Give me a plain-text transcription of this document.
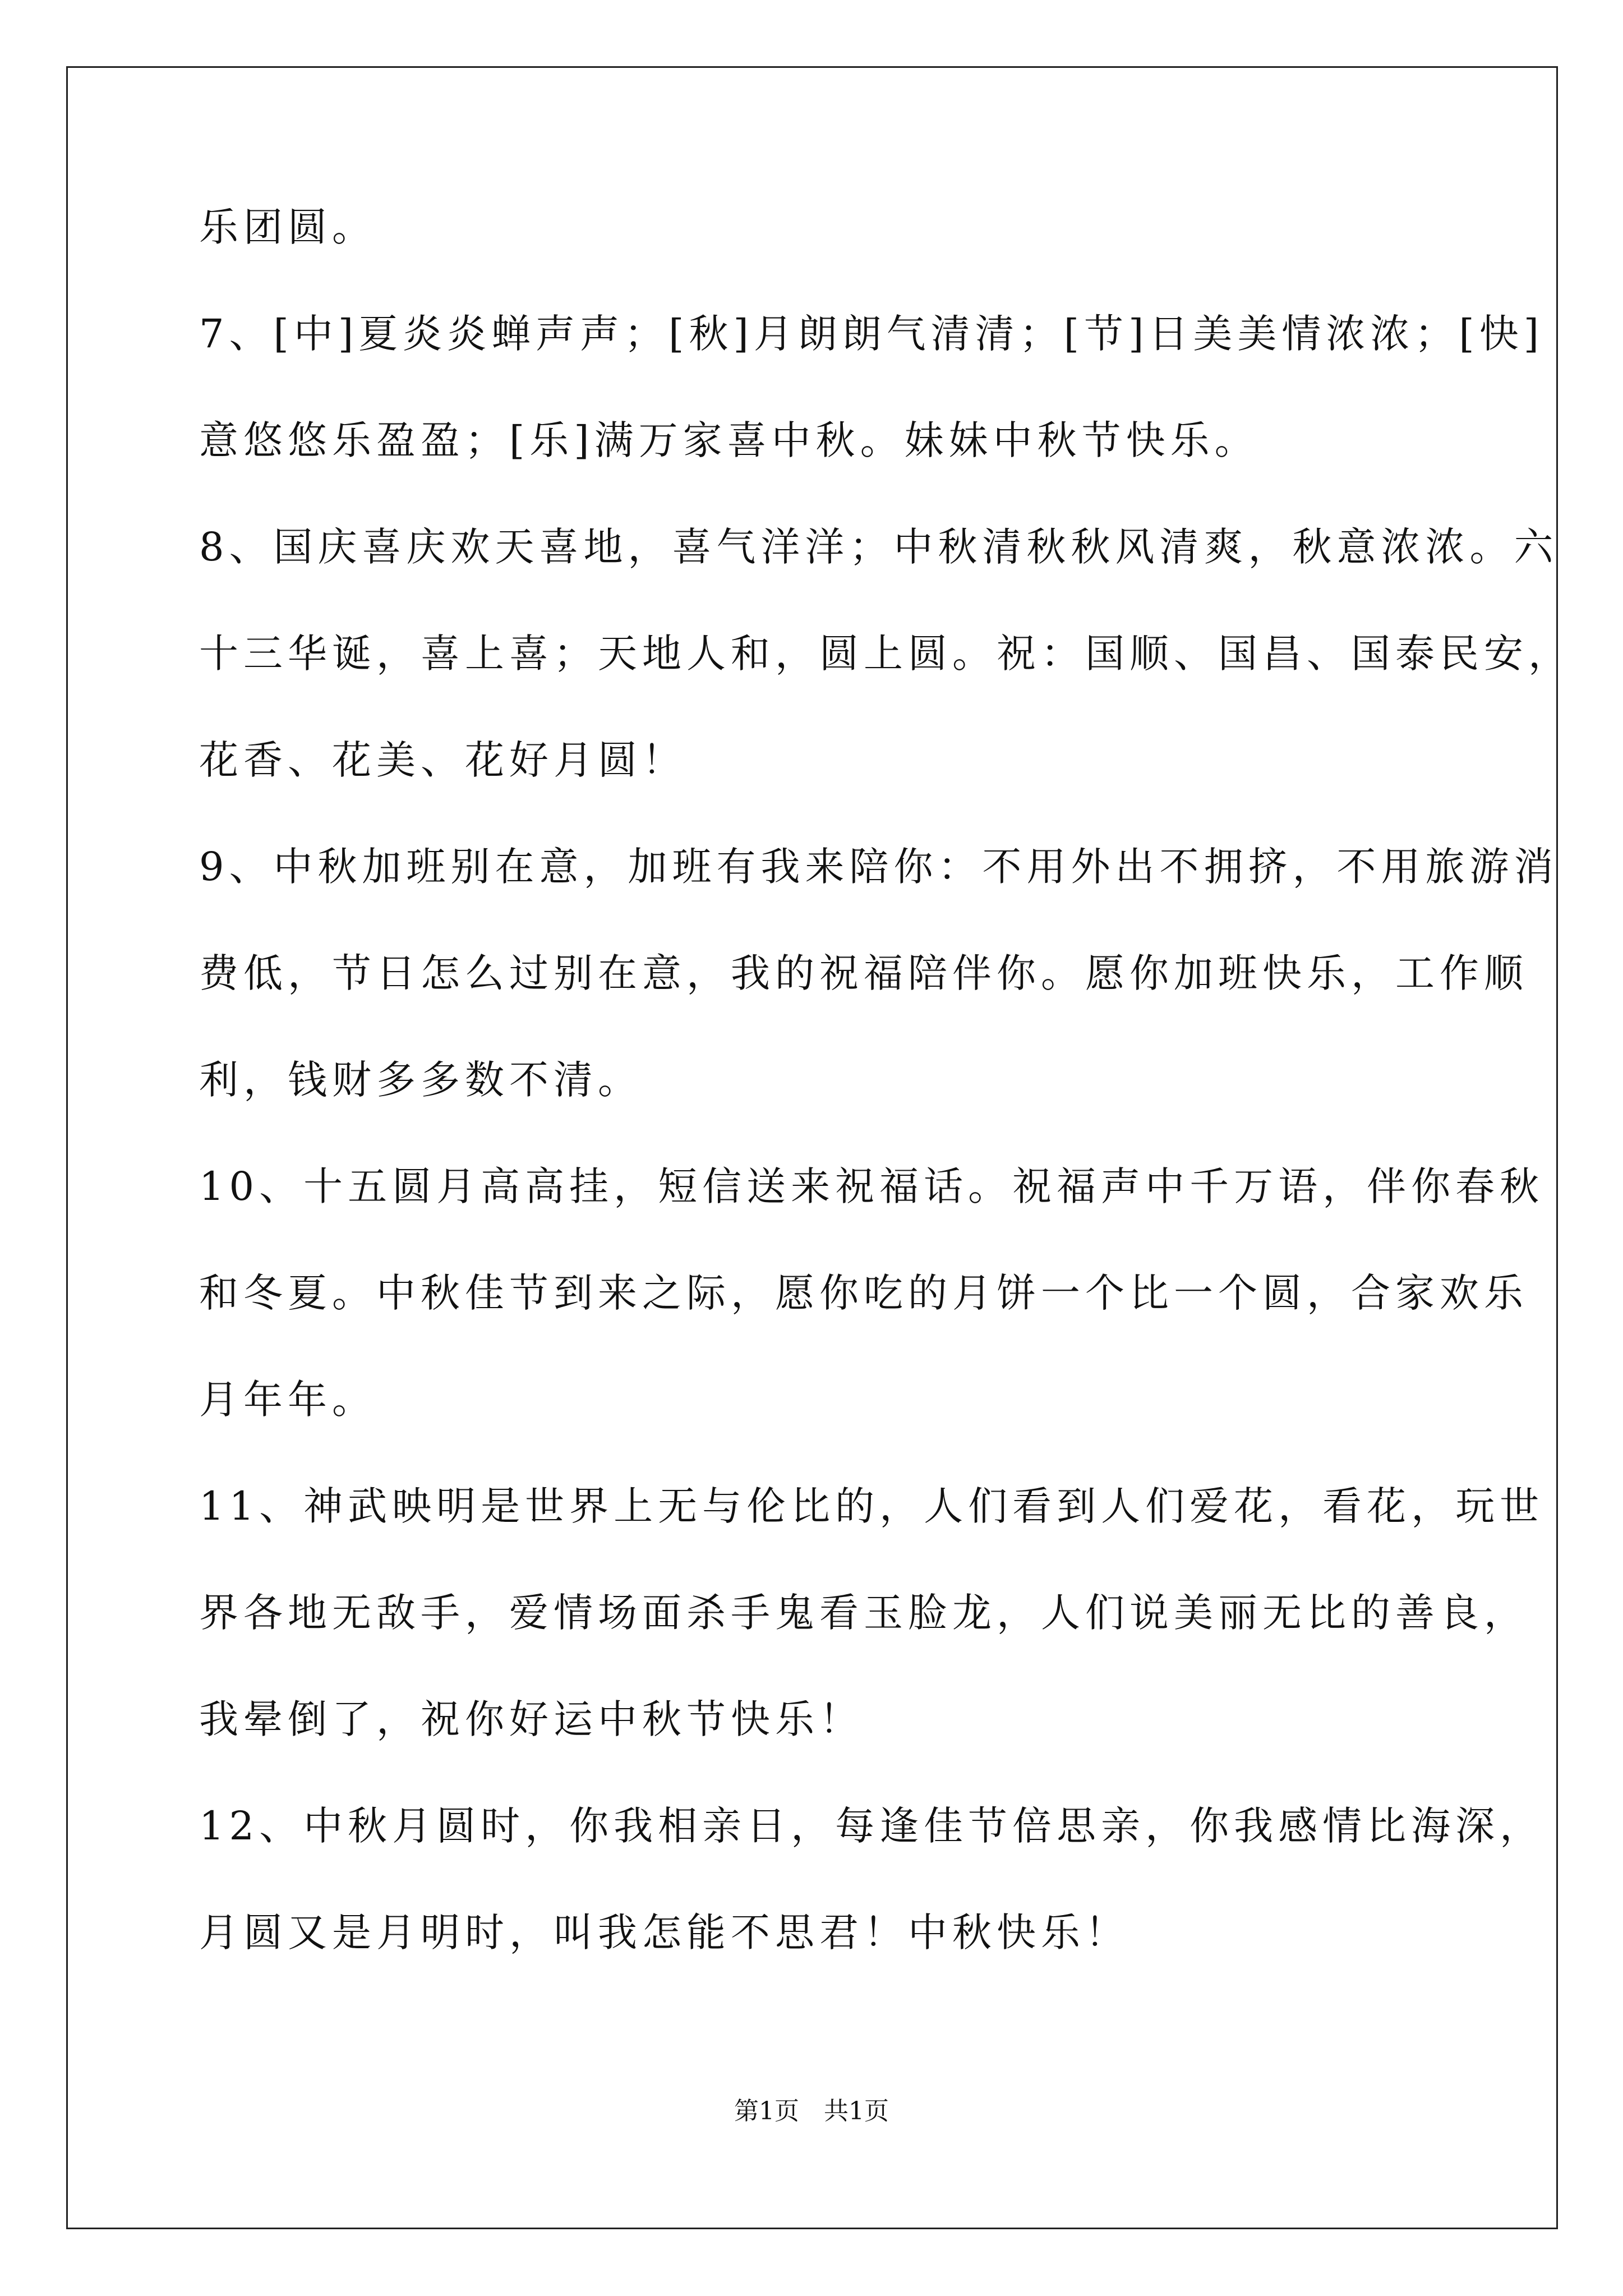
乐团圆。
7、[中]夏炎炎蝉声声；[秋]月朗朗气清清；[节]日美美情浓浓；[快]
意悠悠乐盈盈；[乐]满万家喜中秋。妹妹中秋节快乐。
8、国庆喜庆欢天喜地，喜气洋洋；中秋清秋秋风清爽，秋意浓浓。六
十三华诞，喜上喜；天地人和，圆上圆。祝：国顺、国昌、国泰民安，
花香、花美、花好月圆！
9、中秋加班别在意，加班有我来陪你：不用外出不拥挤，不用旅游消
费低，节日怎么过别在意，我的祝福陪伴你。愿你加班快乐，工作顺
利，钱财多多数不清。
10、十五圆月高高挂，短信送来祝福话。祝福声中千万语，伴你春秋
和冬夏。中秋佳节到来之际，愿你吃的月饼一个比一个圆，合家欢乐
月年年。
11、神武映明是世界上无与伦比的，人们看到人们爱花，看花，玩世
界各地无敌手，爱情场面杀手鬼看玉脸龙，人们说美丽无比的善良，
我晕倒了，祝你好运中秋节快乐！
12、中秋月圆时，你我相亲日，每逢佳节倍思亲，你我感情比海深，
月圆又是月明时，叫我怎能不思君！中秋快乐！
第1页　共1页
